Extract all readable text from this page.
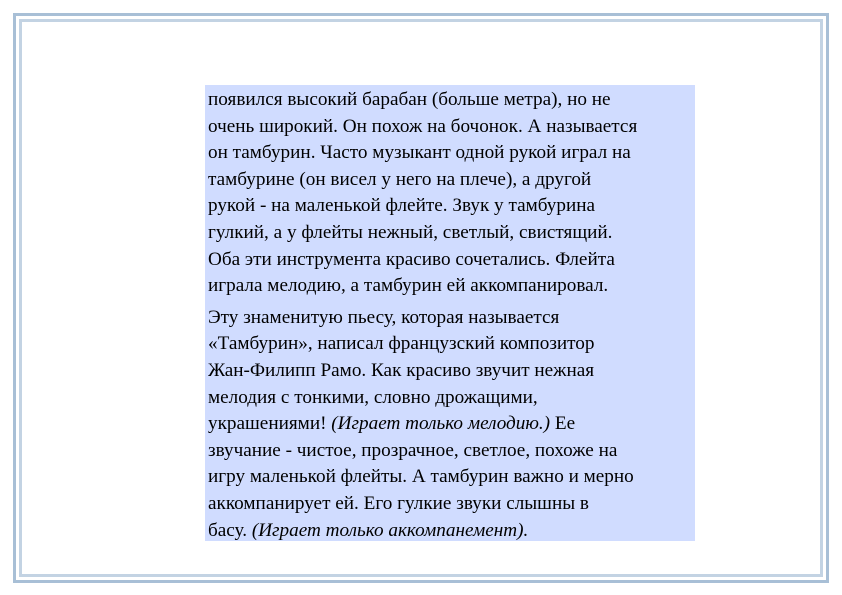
появился высокий барабан (больше метра), но не
очень широкий. Он похож на бочонок. А называется
он тамбурин. Часто музыкант одной рукой играл на
тамбурине (он висел у него на плече), а другой
рукой - на маленькой флейте. Звук у тамбурина
гулкий, а у флейты нежный, светлый, свистящий.
Оба эти инструмента красиво сочетались. Флейта
играла мелодию, а тамбурин ей аккомпанировал.

Эту знаменитую пьесу, которая называется
«Тамбурин», написал французский композитор
Жан-Филипп Рамо. Как красиво звучит нежная
мелодия с тонкими, словно дрожащими,
украшениями! (Играет только мелодию.) Ее
звучание - чистое, прозрачное, светлое, похоже на
игру маленькой флейты. А тамбурин важно и мерно
аккомпанирует ей. Его гулкие звуки слышны в
басу. (Играет только аккомпанемент).
